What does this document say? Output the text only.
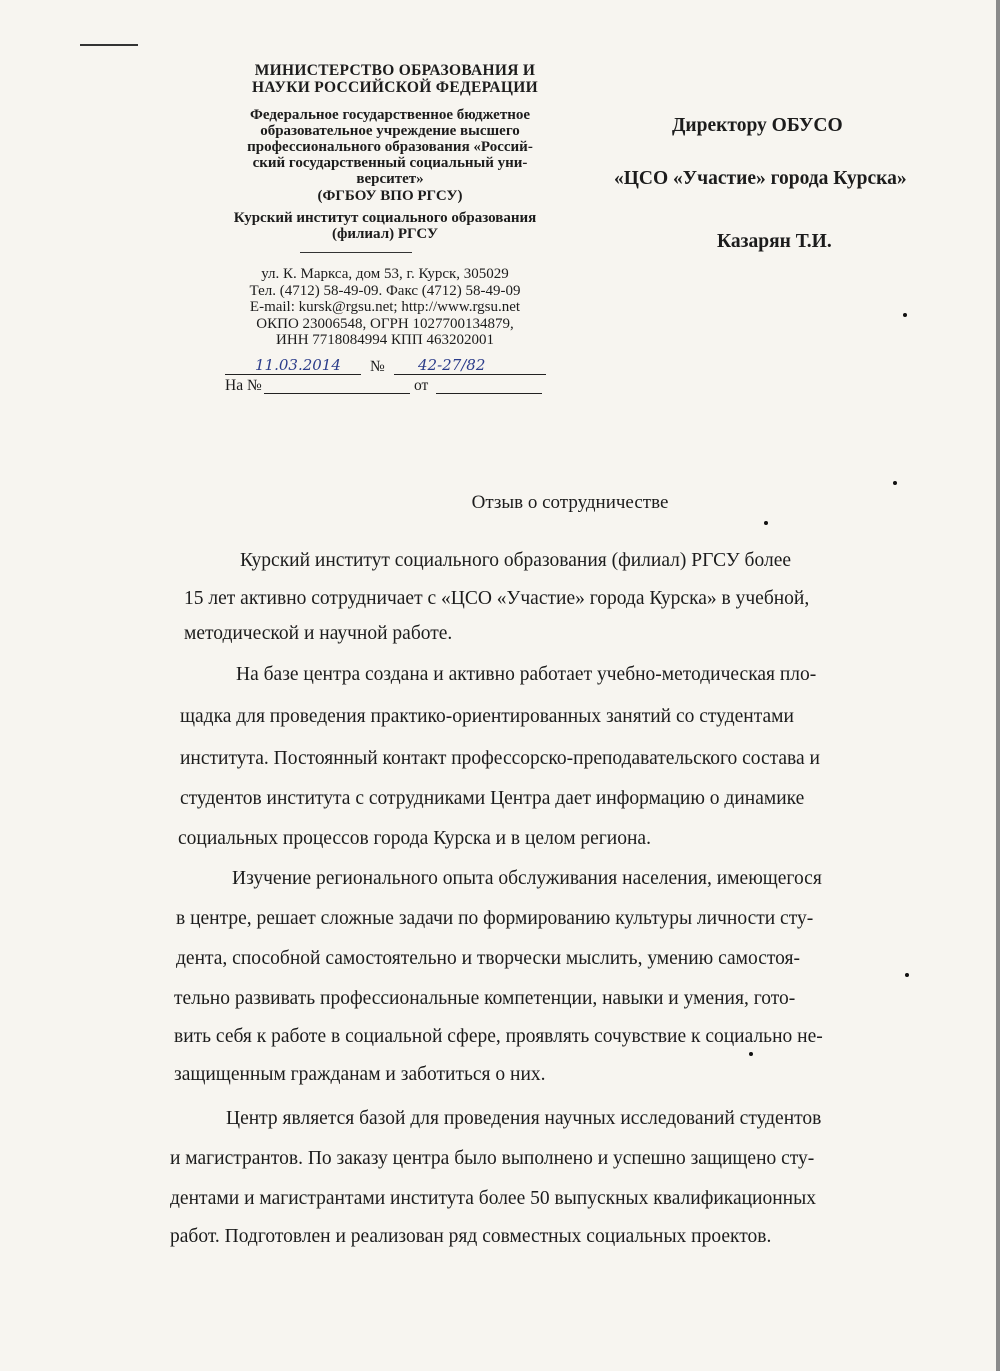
МИНИСТЕРСТВО ОБРАЗОВАНИЯ И
НАУКИ РОССИЙСКОЙ ФЕДЕРАЦИИ
Федеральное государственное бюджетное
образовательное учреждение высшего
профессионального образования «Россий-
ский государственный социальный уни-
верситет»
(ФГБОУ ВПО РГСУ)
Курский институт социального образования
(филиал) РГСУ
ул. К. Маркса, дом 53, г. Курск, 305029
Тел. (4712) 58-49-09. Факс (4712) 58-49-09
E-mail: kursk@rgsu.net; http://www.rgsu.net
ОКПО 23006548, ОГРН 1027700134879,
ИНН 7718084994 КПП 463202001
11.03.2014 № 42-27/82
На №	от
Директору ОБУСО
«ЦСО «Участие» города Курска»
Казарян Т.И.
Отзыв о сотрудничестве
Курский институт социального образования (филиал) РГСУ более
15 лет активно сотрудничает с «ЦСО «Участие» города Курска» в учебной,
методической и научной работе.
На базе центра создана и активно работает учебно-методическая пло-
щадка для проведения практико-ориентированных занятий со студентами
института. Постоянный контакт профессорско-преподавательского состава и
студентов института с сотрудниками Центра дает информацию о динамике
социальных процессов города Курска и в целом региона.
Изучение регионального опыта обслуживания населения, имеющегося
в центре, решает сложные задачи по формированию культуры личности сту-
дента, способной самостоятельно и творчески мыслить, умению самостоя-
тельно развивать профессиональные компетенции, навыки и умения, гото-
вить себя к работе в социальной сфере, проявлять сочувствие к социально не-
защищенным гражданам и заботиться о них.
Центр является базой для проведения научных исследований студентов
и магистрантов. По заказу центра было выполнено и успешно защищено сту-
дентами и магистрантами института более 50 выпускных квалификационных
работ. Подготовлен и реализован ряд совместных социальных проектов.
